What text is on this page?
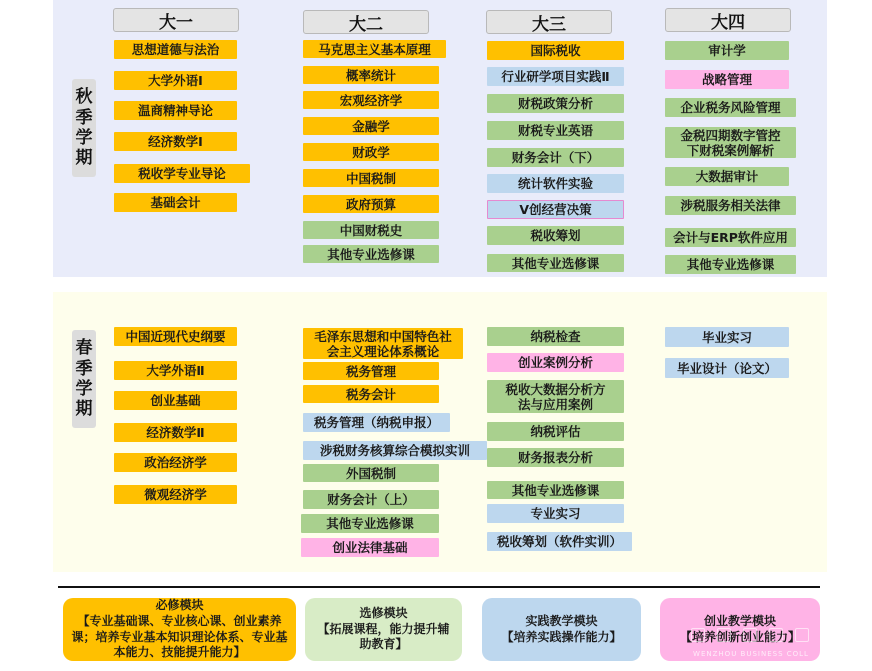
大一	大二	大三	大四
秋
季
学
期
春
季
学
期
思想道德与法治
大学外语Ⅰ
温商精神导论
经济数学Ⅰ
税收学专业导论
基础会计
马克思主义基本原理
概率统计
宏观经济学
金融学
财政学
中国税制
政府预算
中国财税史
其他专业选修课
国际税收
行业研学项目实践Ⅱ
财税政策分析
财税专业英语
财务会计（下）
统计软件实验
V创经营决策
税收筹划
其他专业选修课
审计学
战略管理
企业税务风险管理
金税四期数字管控下财税案例解析
大数据审计
涉税服务相关法律
会计与ERP软件应用
其他专业选修课
中国近现代史纲要
大学外语Ⅱ
创业基础
经济数学Ⅱ
政治经济学
微观经济学
毛泽东思想和中国特色社会主义理论体系概论
税务管理
税务会计
税务管理（纳税申报）
涉税财务核算综合模拟实训
外国税制
财务会计（上）
其他专业选修课
创业法律基础
纳税检查
创业案例分析
税收大数据分析方法与应用案例
纳税评估
财务报表分析
其他专业选修课
专业实习
税收筹划（软件实训）
毕业实习
毕业设计（论文）
必修模块
【专业基础课、专业核心课、创业素养课；培养专业基本知识理论体系、专业基本能力、技能提升能力】
选修模块
【拓展课程，能力提升辅助教育】
实践教学模块
【培养实践操作能力】
创业教学模块
【培养创新创业能力】
WENZHOU BUSINESS COLL
